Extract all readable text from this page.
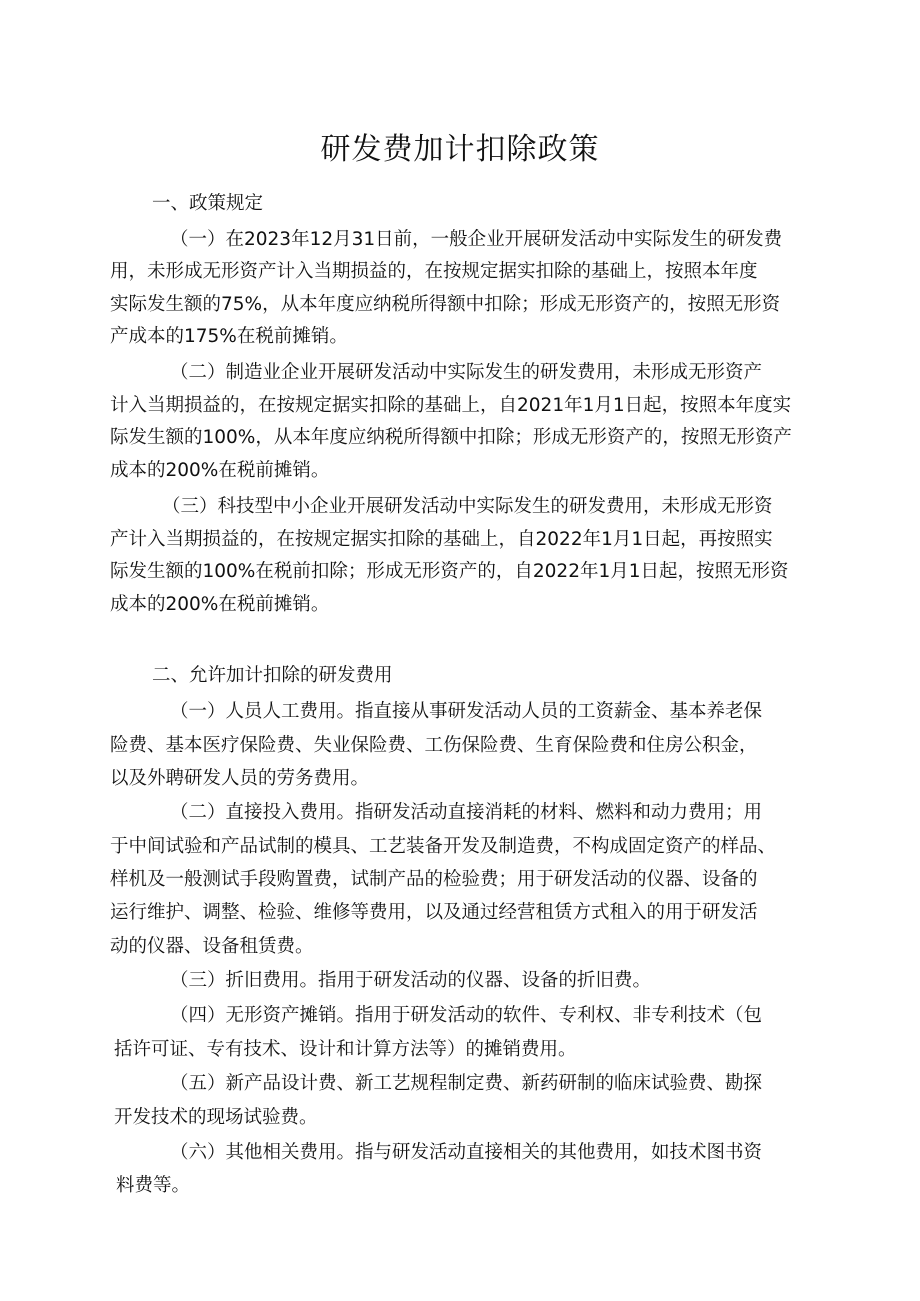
研发费加计扣除政策

一、政策规定

（一）在2023年12月31日前，一般企业开展研发活动中实际发生的研发费

用，未形成无形资产计入当期损益的，在按规定据实扣除的基础上，按照本年度

实际发生额的75%，从本年度应纳税所得额中扣除；形成无形资产的，按照无形资

产成本的175%在税前摊销。

（二）制造业企业开展研发活动中实际发生的研发费用，未形成无形资产

计入当期损益的，在按规定据实扣除的基础上，自2021年1月1日起，按照本年度实

际发生额的100%，从本年度应纳税所得额中扣除；形成无形资产的，按照无形资产

成本的200%在税前摊销。

（三）科技型中小企业开展研发活动中实际发生的研发费用，未形成无形资

产计入当期损益的，在按规定据实扣除的基础上，自2022年1月1日起，再按照实

际发生额的100%在税前扣除；形成无形资产的，自2022年1月1日起，按照无形资

成本的200%在税前摊销。

二、允许加计扣除的研发费用

（一）人员人工费用。指直接从事研发活动人员的工资薪金、基本养老保

险费、基本医疗保险费、失业保险费、工伤保险费、生育保险费和住房公积金，

以及外聘研发人员的劳务费用。

（二）直接投入费用。指研发活动直接消耗的材料、燃料和动力费用；用

于中间试验和产品试制的模具、工艺装备开发及制造费，不构成固定资产的样品、

样机及一般测试手段购置费，试制产品的检验费；用于研发活动的仪器、设备的

运行维护、调整、检验、维修等费用，以及通过经营租赁方式租入的用于研发活

动的仪器、设备租赁费。

（三）折旧费用。指用于研发活动的仪器、设备的折旧费。

（四）无形资产摊销。指用于研发活动的软件、专利权、非专利技术（包

括许可证、专有技术、设计和计算方法等）的摊销费用。

（五）新产品设计费、新工艺规程制定费、新药研制的临床试验费、勘探

开发技术的现场试验费。

（六）其他相关费用。指与研发活动直接相关的其他费用，如技术图书资

料费等。
